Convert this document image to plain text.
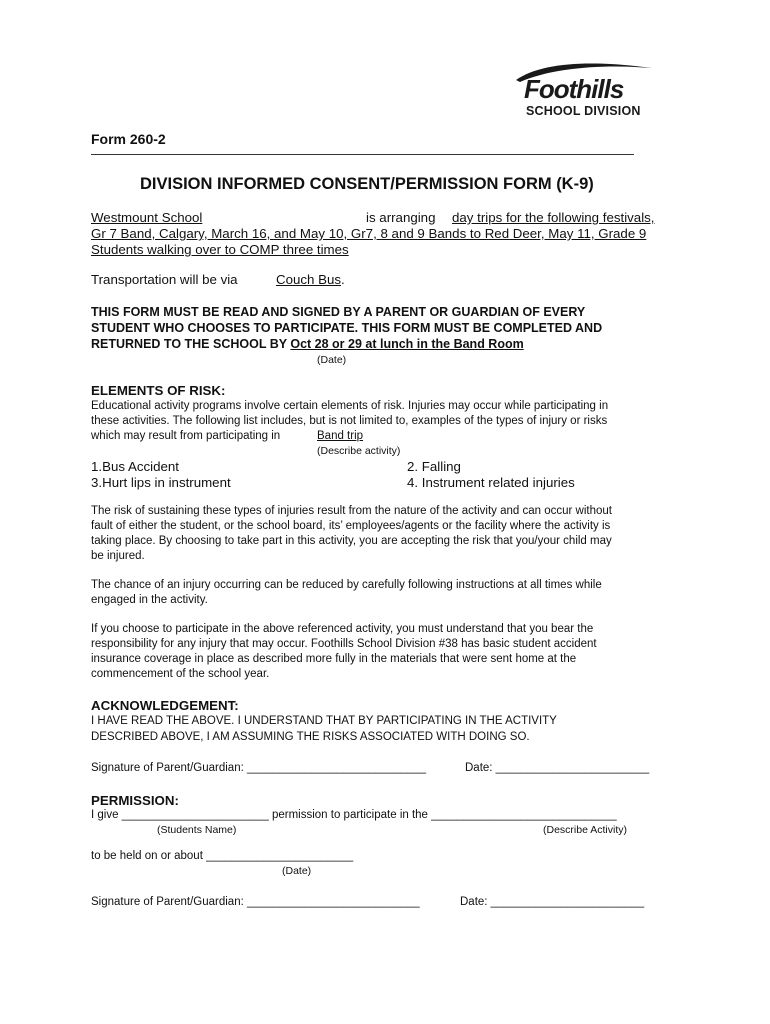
Foothills
SCHOOL DIVISION
Form 260-2
DIVISION INFORMED CONSENT/PERMISSION FORM (K-9)
Westmount School	is arranging day trips for the following festivals,
Gr 7 Band, Calgary, March 16, and May 10, Gr7, 8 and 9 Bands to Red Deer, May 11, Grade 9
Students walking over to COMP three times
Transportation will be via	Couch Bus.
THIS FORM MUST BE READ AND SIGNED BY A PARENT OR GUARDIAN OF EVERY
STUDENT WHO CHOOSES TO PARTICIPATE. THIS FORM MUST BE COMPLETED AND
RETURNED TO THE SCHOOL BY Oct 28 or 29 at lunch in the Band Room
(Date)
ELEMENTS OF RISK:
Educational activity programs involve certain elements of risk. Injuries may occur while participating in
these activities. The following list includes, but is not limited to, examples of the types of injury or risks
which may result from participating in	Band trip
(Describe activity)
1.Bus Accident	2. Falling
3.Hurt lips in instrument	4. Instrument related injuries
The risk of sustaining these types of injuries result from the nature of the activity and can occur without
fault of either the student, or the school board, its’ employees/agents or the facility where the activity is
taking place. By choosing to take part in this activity, you are accepting the risk that you/your child may
be injured.
The chance of an injury occurring can be reduced by carefully following instructions at all times while
engaged in the activity.
If you choose to participate in the above referenced activity, you must understand that you bear the
responsibility for any injury that may occur. Foothills School Division #38 has basic student accident
insurance coverage in place as described more fully in the materials that were sent home at the
commencement of the school year.
ACKNOWLEDGEMENT:
I HAVE READ THE ABOVE. I UNDERSTAND THAT BY PARTICIPATING IN THE ACTIVITY
DESCRIBED ABOVE, I AM ASSUMING THE RISKS ASSOCIATED WITH DOING SO.
Signature of Parent/Guardian: ____________________________	Date: ________________________
PERMISSION:
I give _______________________ permission to participate in the _____________________________
(Students Name)	(Describe Activity)
to be held on or about _______________________
(Date)
Signature of Parent/Guardian: ___________________________	Date: ________________________
